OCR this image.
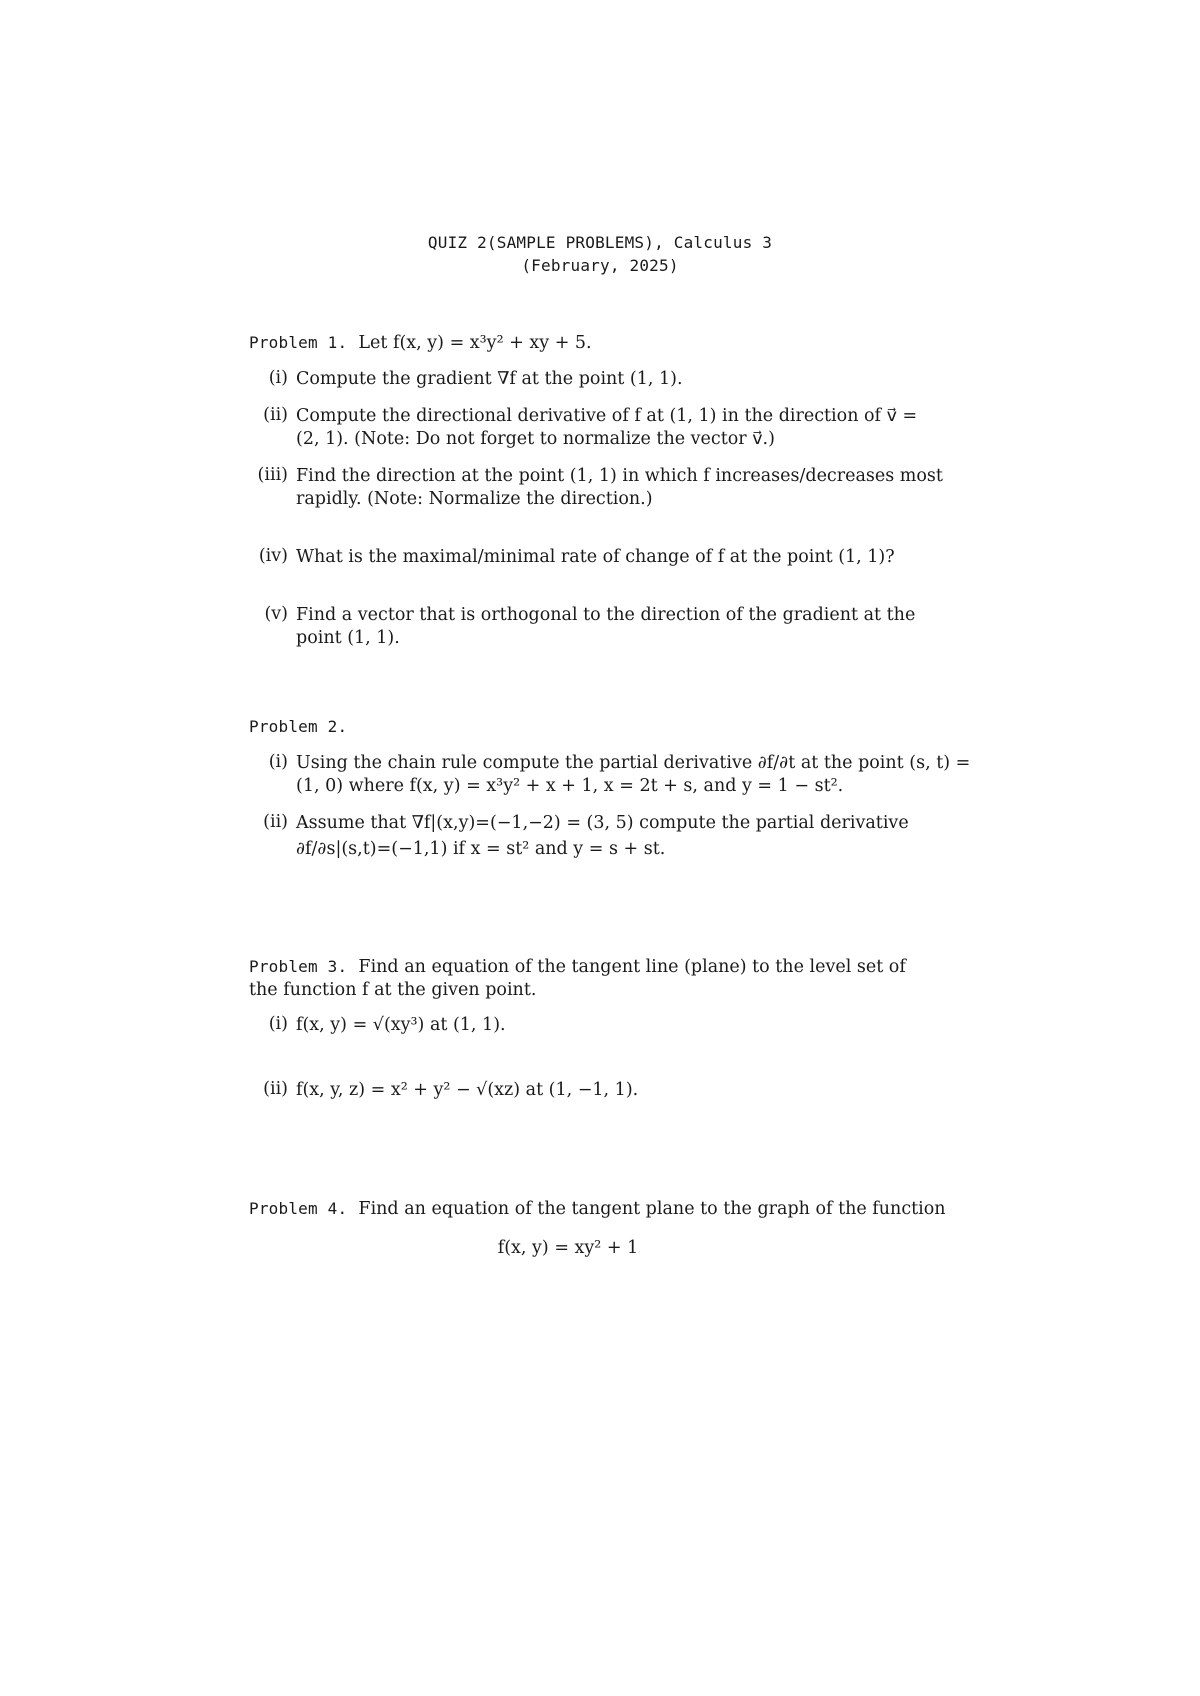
QUIZ 2(SAMPLE PROBLEMS), Calculus 3
(February, 2025)
Problem 1. Let f(x, y) = x³y² + xy + 5.
(i) Compute the gradient ∇f at the point (1, 1).
(ii) Compute the directional derivative of f at (1, 1) in the direction of v⃗ =
(2, 1). (Note: Do not forget to normalize the vector v⃗.)
(iii) Find the direction at the point (1, 1) in which f increases/decreases most
rapidly. (Note: Normalize the direction.)
(iv) What is the maximal/minimal rate of change of f at the point (1, 1)?
(v) Find a vector that is orthogonal to the direction of the gradient at the
point (1, 1).
Problem 2.
(i) Using the chain rule compute the partial derivative ∂f/∂t at the point (s, t) =
(1, 0) where f(x, y) = x³y² + x + 1, x = 2t + s, and y = 1 − st².
(ii) Assume that ∇f|(x,y)=(−1,−2) = (3, 5) compute the partial derivative
∂f/∂s|(s,t)=(−1,1) if x = st² and y = s + st.
Problem 3. Find an equation of the tangent line (plane) to the level set of
the function f at the given point.
(i) f(x, y) = √(xy³) at (1, 1).
(ii) f(x, y, z) = x² + y² − √(xz) at (1, −1, 1).
Problem 4. Find an equation of the tangent plane to the graph of the function
f(x, y) = xy² + 1
